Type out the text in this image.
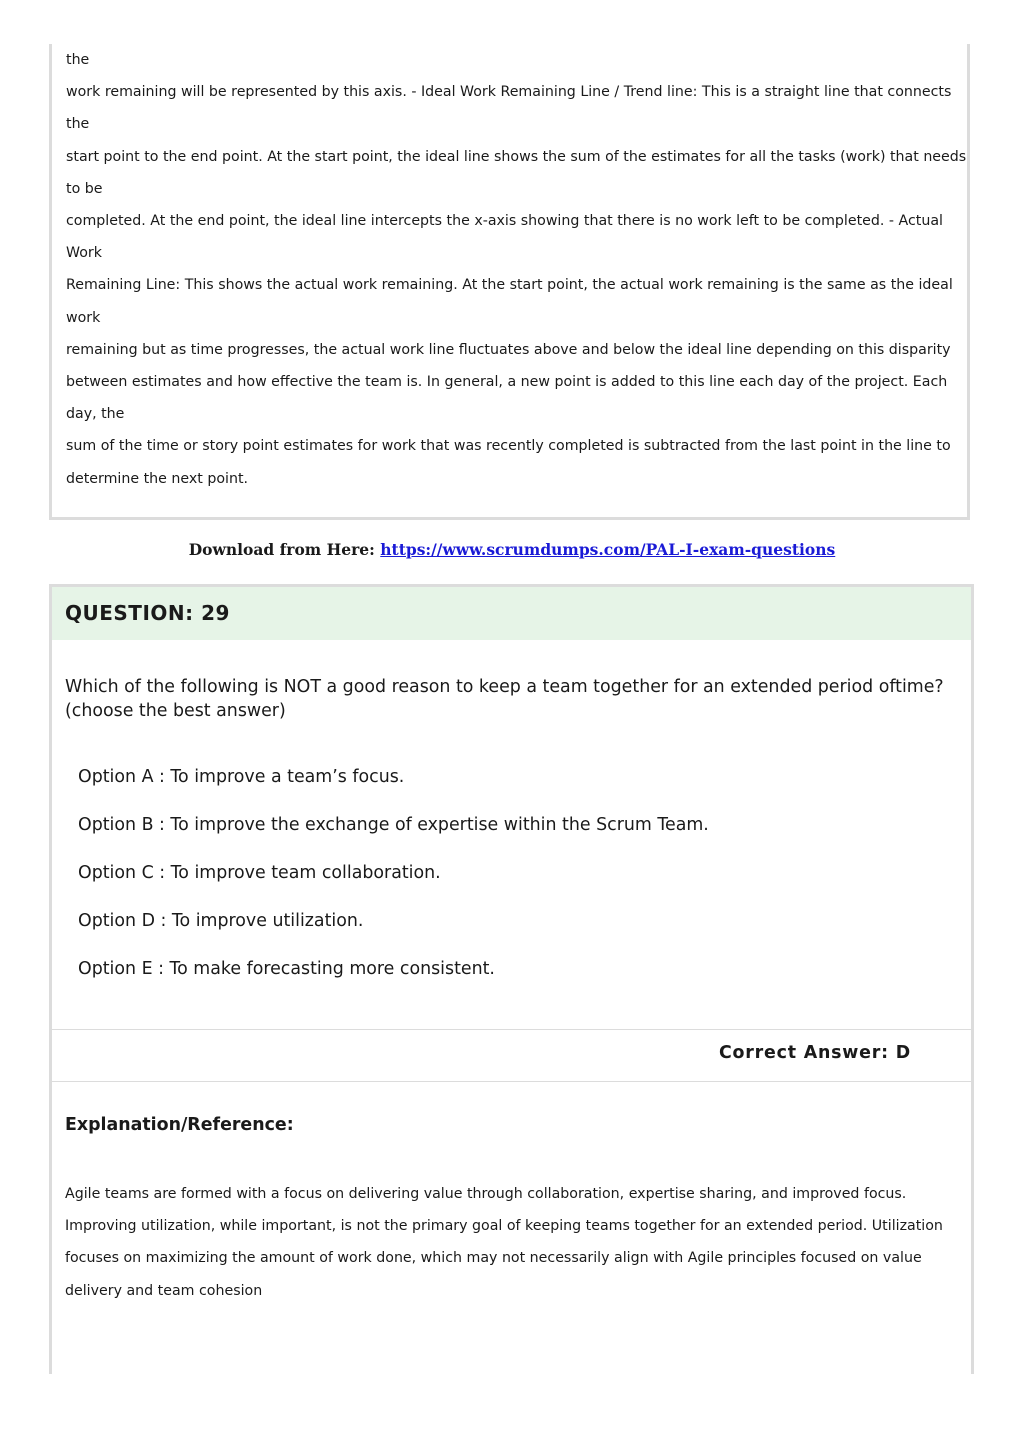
the
work remaining will be represented by this axis. - Ideal Work Remaining Line / Trend line: This is a straight line that connects
the
start point to the end point. At the start point, the ideal line shows the sum of the estimates for all the tasks (work) that needs
to be
completed. At the end point, the ideal line intercepts the x-axis showing that there is no work left to be completed. - Actual
Work
Remaining Line: This shows the actual work remaining. At the start point, the actual work remaining is the same as the ideal
work
remaining but as time progresses, the actual work line fluctuates above and below the ideal line depending on this disparity
between estimates and how effective the team is. In general, a new point is added to this line each day of the project. Each
day, the
sum of the time or story point estimates for work that was recently completed is subtracted from the last point in the line to
determine the next point.
Download from Here: https://www.scrumdumps.com/PAL-I-exam-questions
QUESTION: 29
Which of the following is NOT a good reason to keep a team together for an extended period oftime? (choose the best answer)
Option A : To improve a team’s focus.
Option B : To improve the exchange of expertise within the Scrum Team.
Option C : To improve team collaboration.
Option D : To improve utilization.
Option E : To make forecasting more consistent.
Correct Answer: D
Explanation/Reference:
Agile teams are formed with a focus on delivering value through collaboration, expertise sharing, and improved focus.
Improving utilization, while important, is not the primary goal of keeping teams together for an extended period. Utilization
focuses on maximizing the amount of work done, which may not necessarily align with Agile principles focused on value
delivery and team cohesion
